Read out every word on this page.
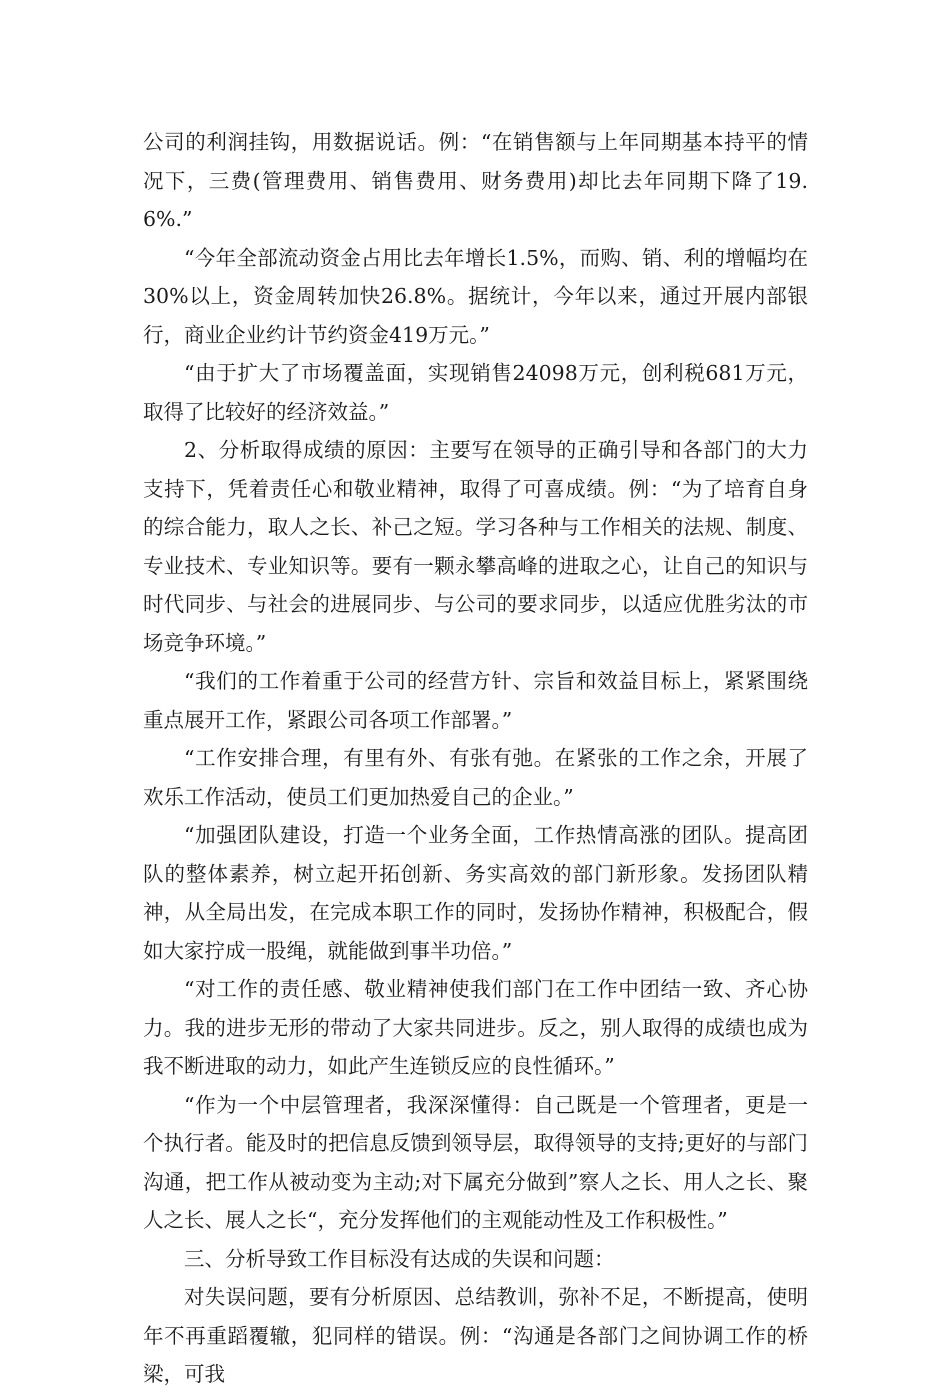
公司的利润挂钩，用数据说话。例：“在销售额与上年同期基本持平的情况下，三费(管理费用、销售费用、财务费用)却比去年同期下降了19.6%.”

“今年全部流动资金占用比去年增长1.5%，而购、销、利的增幅均在30%以上，资金周转加快26.8%。据统计，今年以来，通过开展内部银行，商业企业约计节约资金419万元。”

“由于扩大了市场覆盖面，实现销售24098万元，创利税681万元，取得了比较好的经济效益。”

2、分析取得成绩的原因：主要写在领导的正确引导和各部门的大力支持下，凭着责任心和敬业精神，取得了可喜成绩。例：“为了培育自身的综合能力，取人之长、补己之短。学习各种与工作相关的法规、制度、专业技术、专业知识等。要有一颗永攀高峰的进取之心，让自己的知识与时代同步、与社会的进展同步、与公司的要求同步，以适应优胜劣汰的市场竞争环境。”

“我们的工作着重于公司的经营方针、宗旨和效益目标上，紧紧围绕重点展开工作，紧跟公司各项工作部署。”

“工作安排合理，有里有外、有张有弛。在紧张的工作之余，开展了欢乐工作活动，使员工们更加热爱自己的企业。”

“加强团队建设，打造一个业务全面，工作热情高涨的团队。提高团队的整体素养，树立起开拓创新、务实高效的部门新形象。发扬团队精神，从全局出发，在完成本职工作的同时，发扬协作精神，积极配合，假如大家拧成一股绳，就能做到事半功倍。”

“对工作的责任感、敬业精神使我们部门在工作中团结一致、齐心协力。我的进步无形的带动了大家共同进步。反之，别人取得的成绩也成为我不断进取的动力，如此产生连锁反应的良性循环。”

“作为一个中层管理者，我深深懂得：自己既是一个管理者，更是一个执行者。能及时的把信息反馈到领导层，取得领导的支持;更好的与部门沟通，把工作从被动变为主动;对下属充分做到”察人之长、用人之长、聚人之长、展人之长“，充分发挥他们的主观能动性及工作积极性。”

三、分析导致工作目标没有达成的失误和问题：

对失误问题，要有分析原因、总结教训，弥补不足，不断提高，使明年不再重蹈覆辙，犯同样的错误。例：“沟通是各部门之间协调工作的桥梁，可我
